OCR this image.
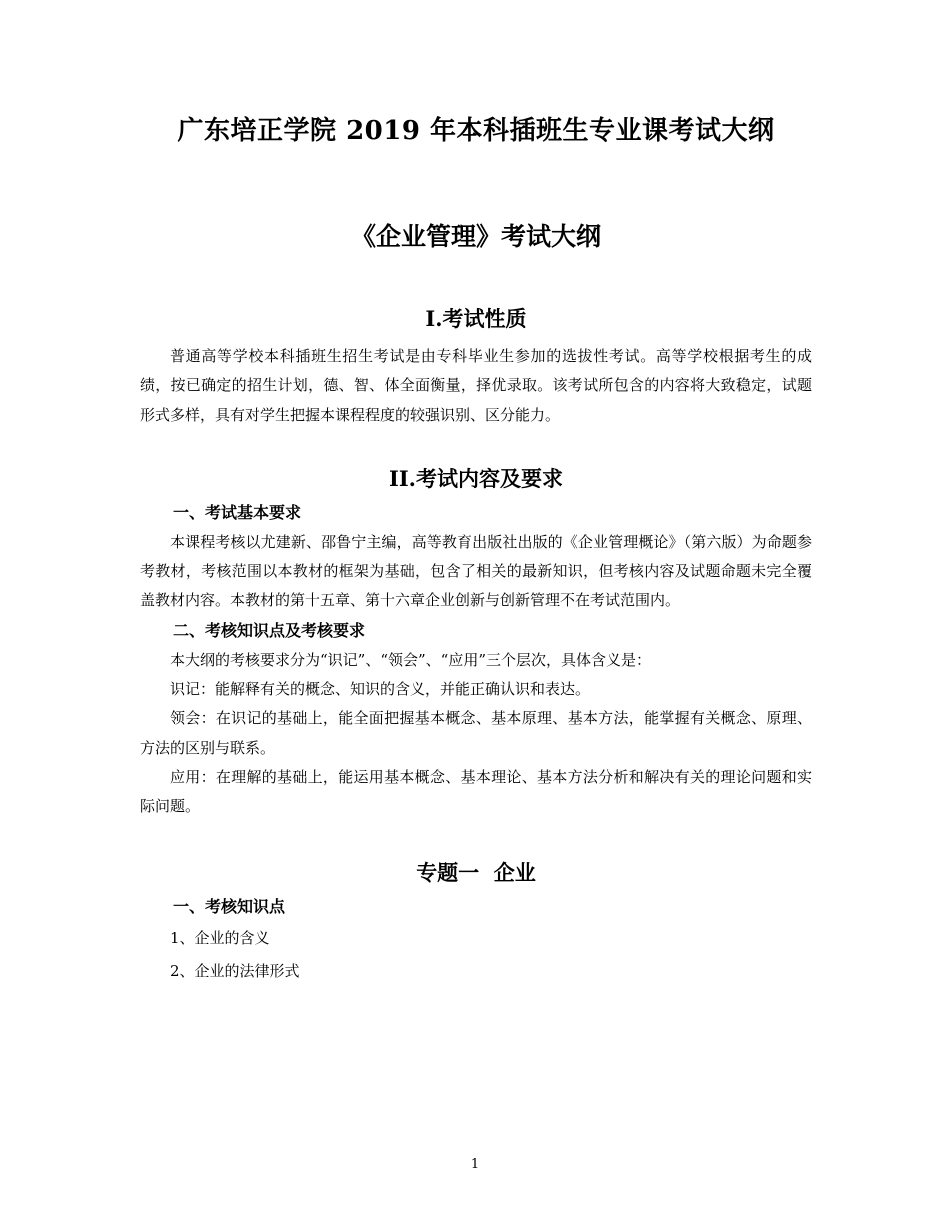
广东培正学院 2019 年本科插班生专业课考试大纲
《企业管理》考试大纲
I.考试性质

普通高等学校本科插班生招生考试是由专科毕业生参加的选拔性考试。高等学校根据考生的成绩，按已确定的招生计划，德、智、体全面衡量，择优录取。该考试所包含的内容将大致稳定，试题形式多样，具有对学生把握本课程程度的较强识别、区分能力。

II.考试内容及要求

一、考试基本要求

本课程考核以尤建新、邵鲁宁主编，高等教育出版社出版的《企业管理概论》（第六版）为命题参考教材，考核范围以本教材的框架为基础，包含了相关的最新知识，但考核内容及试题命题未完全覆盖教材内容。本教材的第十五章、第十六章企业创新与创新管理不在考试范围内。

二、考核知识点及考核要求

本大纲的考核要求分为“识记”、“领会”、“应用”三个层次，具体含义是：

识记：能解释有关的概念、知识的含义，并能正确认识和表达。

领会：在识记的基础上，能全面把握基本概念、基本原理、基本方法，能掌握有关概念、原理、方法的区别与联系。

应用：在理解的基础上，能运用基本概念、基本理论、基本方法分析和解决有关的理论问题和实际问题。

专题一  企业

一、考核知识点

1、企业的含义

2、企业的法律形式

1
